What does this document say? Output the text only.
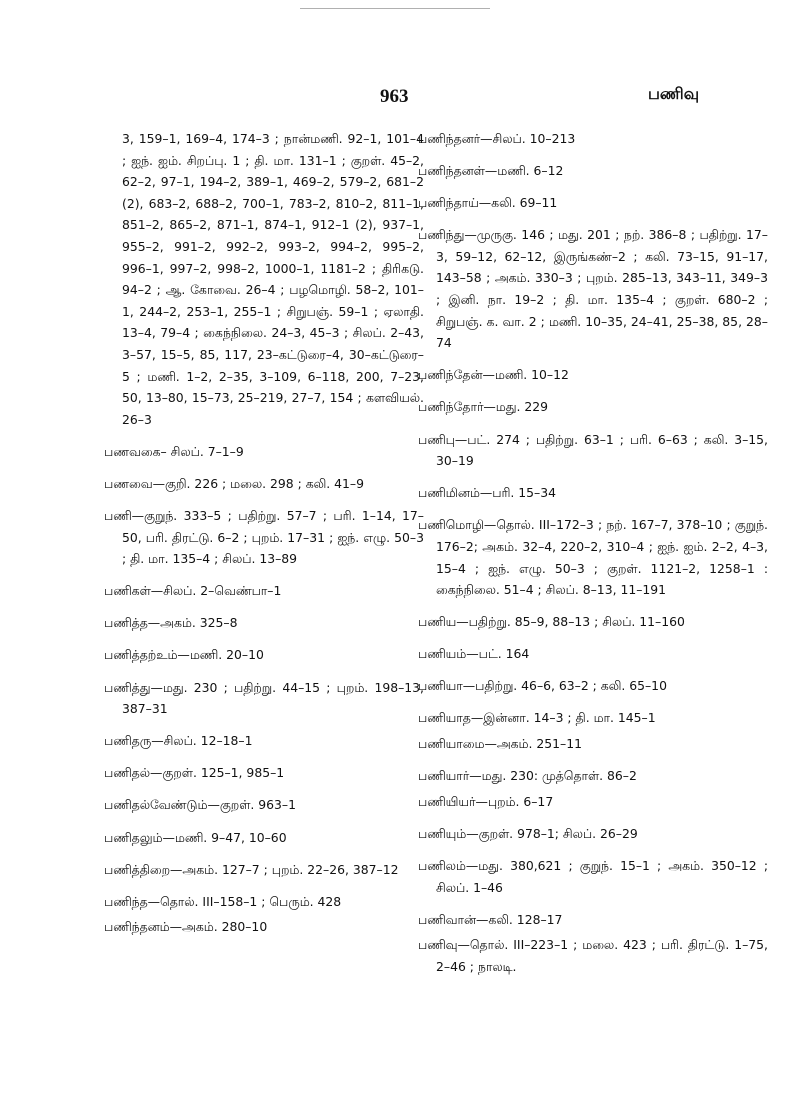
963	பணிவு

3, 159–1, 169–4, 174–3 ; நான்மணி. 92–1, 101–4 ; ஐந். ஐம். சிறப்பு. 1 ; தி. மா. 131–1 ; குறள். 45–2, 62–2, 97–1, 194–2, 389–1, 469–2, 579–2, 681–2 (2), 683–2, 688–2, 700–1, 783–2, 810–2, 811–1, 851–2, 865–2, 871–1, 874–1, 912–1 (2), 937–1, 955–2, 991–2, 992–2, 993–2, 994–2, 995–2, 996–1, 997–2, 998–2, 1000–1, 1181–2 ; திரிகடு. 94–2 ; ஆ. கோவை. 26–4 ; பழமொழி. 58–2, 101–1, 244–2, 253–1, 255–1 ; சிறுபஞ். 59–1 ; ஏலாதி. 13–4, 79–4 ; கைந்நிலை. 24–3, 45–3 ; சிலப். 2–43, 3–57, 15–5, 85, 117, 23–கட்டுரை–4, 30–கட்டுரை–5 ; மணி. 1–2, 2–35, 3–109, 6–118, 200, 7–23, 50, 13–80, 15–73, 25–219, 27–7, 154 ; களவியல். 26–3

பணவகை– சிலப். 7–1–9

பணவை—குறி. 226 ; மலை. 298 ; கலி. 41–9

பணி—குறுந். 333–5 ; பதிற்று. 57–7 ; பரி. 1–14, 17–50, பரி. திரட்டு. 6–2 ; புறம். 17–31 ; ஐந். எழு. 50–3 ; தி. மா. 135–4 ; சிலப். 13–89

பணிகள்—சிலப். 2–வெண்பா–1

பணித்த—அகம். 325–8

பணித்தற்உம்—மணி. 20–10

பணித்து—மது. 230 ; பதிற்று. 44–15 ; புறம். 198–13, 387–31

பணிதரு—சிலப். 12–18–1

பணிதல்—குறள். 125–1, 985–1

பணிதல்வேண்டும்—குறள். 963–1

பணிதலும்—மணி. 9–47, 10–60

பணித்திறை—அகம். 127–7 ; புறம். 22–26, 387–12

பணிந்த—தொல். III–158–1 ; பெரும். 428

பணிந்தனம்—அகம். 280–10

பணிந்தனர்—சிலப். 10–213

பணிந்தனள்—மணி. 6–12

பணிந்தாய்—கலி. 69–11

பணிந்து—முருகு. 146 ; மது. 201 ; நற். 386–8 ; பதிற்று. 17–3, 59–12, 62–12, இருங்கண்–2 ; கலி. 73–15, 91–17, 143–58 ; அகம். 330–3 ; புறம். 285–13, 343–11, 349–3 ; இனி. நா. 19–2 ; தி. மா. 135–4 ; குறள். 680–2 ; சிறுபஞ். க. வா. 2 ; மணி. 10–35, 24–41, 25–38, 85, 28–74

பணிந்தேன்—மணி. 10–12

பணிந்தோர்—மது. 229

பணிபு—பட். 274 ; பதிற்று. 63–1 ; பரி. 6–63 ; கலி. 3–15, 30–19

பணிமினம்—பரி. 15–34

பணிமொழி—தொல். III–172–3 ; நற். 167–7, 378–10 ; குறுந். 176–2; அகம். 32–4, 220–2, 310–4 ; ஐந். ஐம். 2–2, 4–3, 15–4 ; ஐந். எழு. 50–3 ; குறள். 1121–2, 1258–1 : கைந்நிலை. 51–4 ; சிலப். 8–13, 11–191

பணிய—பதிற்று. 85–9, 88–13 ; சிலப். 11–160

பணியம்—பட். 164

பணியா—பதிற்று. 46–6, 63–2 ; கலி. 65–10

பணியாத—இன்னா. 14–3 ; தி. மா. 145–1

பணியாமை—அகம். 251–11

பணியார்—மது. 230: முத்தொள். 86–2

பணியியர்—புறம். 6–17

பணியும்—குறள். 978–1; சிலப். 26–29

பணிலம்—மது. 380,621 ; குறுந். 15–1 ; அகம். 350–12 ; சிலப். 1–46

பணிவான்—கலி. 128–17

பணிவு—தொல். III–223–1 ; மலை. 423 ; பரி. திரட்டு. 1–75, 2–46 ; நாலடி.
